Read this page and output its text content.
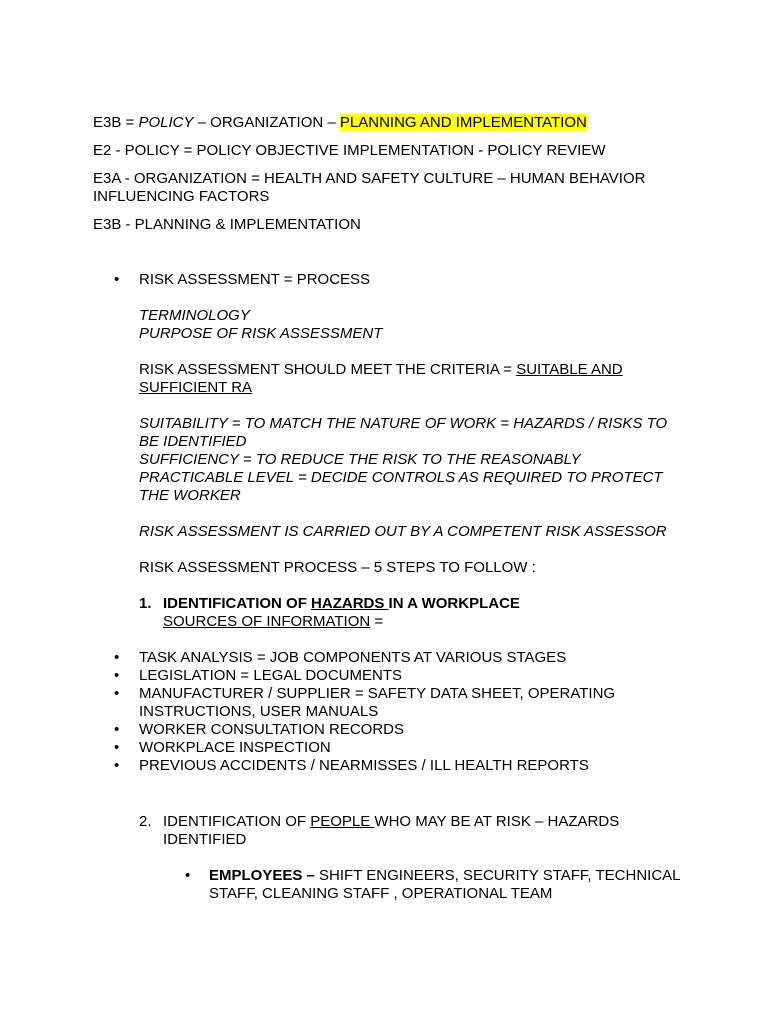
E3B = POLICY – ORGANIZATION – PLANNING AND IMPLEMENTATION

E2 - POLICY = POLICY OBJECTIVE IMPLEMENTATION - POLICY REVIEW

E3A - ORGANIZATION = HEALTH AND SAFETY CULTURE – HUMAN BEHAVIOR INFLUENCING FACTORS

E3B - PLANNING & IMPLEMENTATION

• RISK ASSESSMENT = PROCESS

TERMINOLOGY

PURPOSE OF RISK ASSESSMENT

RISK ASSESSMENT SHOULD MEET THE CRITERIA = SUITABLE AND SUFFICIENT RA

SUITABILITY = TO MATCH THE NATURE OF WORK = HAZARDS / RISKS TO BE IDENTIFIED

SUFFICIENCY = TO REDUCE THE RISK TO THE REASONABLY PRACTICABLE LEVEL = DECIDE CONTROLS AS REQUIRED TO PROTECT THE WORKER

RISK ASSESSMENT IS CARRIED OUT BY A COMPETENT RISK ASSESSOR

RISK ASSESSMENT PROCESS – 5 STEPS TO FOLLOW :

1. IDENTIFICATION OF HAZARDS IN A WORKPLACE

SOURCES OF INFORMATION =

• TASK ANALYSIS = JOB COMPONENTS AT VARIOUS STAGES
• LEGISLATION = LEGAL DOCUMENTS
• MANUFACTURER / SUPPLIER = SAFETY DATA SHEET, OPERATING INSTRUCTIONS, USER MANUALS
• WORKER CONSULTATION RECORDS
• WORKPLACE INSPECTION
• PREVIOUS ACCIDENTS / NEARMISSES / ILL HEALTH REPORTS
2. IDENTIFICATION OF PEOPLE WHO MAY BE AT RISK – HAZARDS IDENTIFIED

• EMPLOYEES – SHIFT ENGINEERS, SECURITY STAFF, TECHNICAL STAFF, CLEANING STAFF , OPERATIONAL TEAM
